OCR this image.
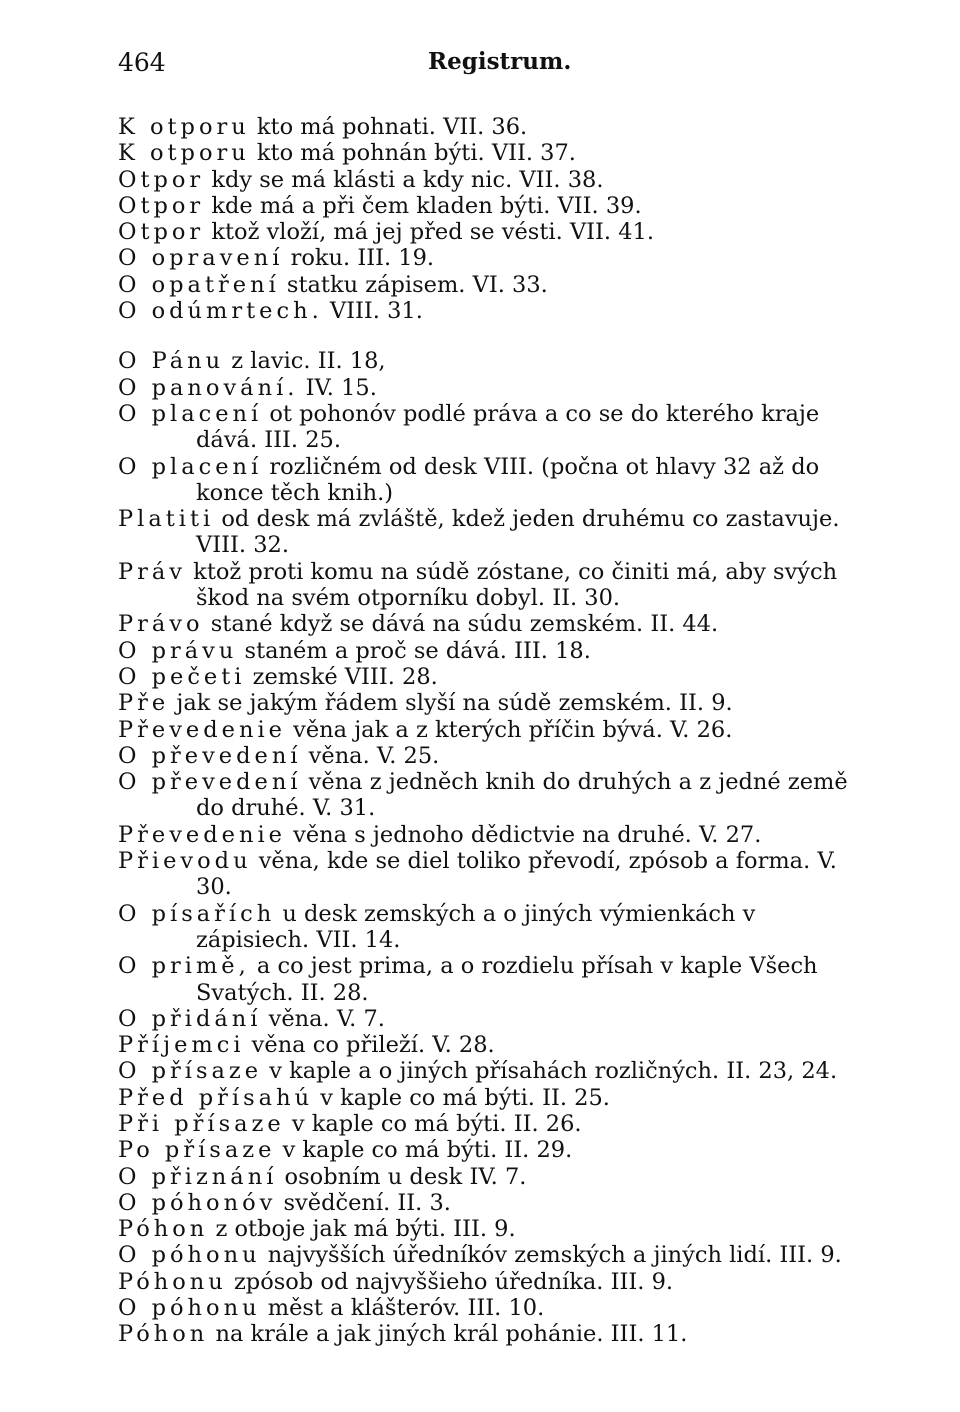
464	Registrum.
K otporu kto má pohnati. VII. 36.
K otporu kto má pohnán býti. VII. 37.
Otpor kdy se má klásti a kdy nic. VII. 38.
Otpor kde má a při čem kladen býti. VII. 39.
Otpor ktož vloží, má jej před se vésti. VII. 41.
O opravení roku. III. 19.
O opatření statku zápisem. VI. 33.
O odúmrtech. VIII. 31.
O Pánu z lavic. II. 18,
O panování. IV. 15.
O placení ot pohonóv podlé práva a co se do kterého kraje dává. III. 25.
O placení rozličném od desk VIII. (počna ot hlavy 32 až do konce těch knih.)
Platiti od desk má zvláště, kdež jeden druhému co zastavuje. VIII. 32.
Práv ktož proti komu na súdě zóstane, co činiti má, aby svých škod na svém otporníku dobyl. II. 30.
Právo stané když se dává na súdu zemském. II. 44.
O právu staném a proč se dává. III. 18.
O pečeti zemské VIII. 28.
Pře jak se jakým řádem slyší na súdě zemském. II. 9.
Převedenie věna jak a z kterých příčin bývá. V. 26.
O převedení věna. V. 25.
O převedení věna z jedněch knih do druhých a z jedné země do druhé. V. 31.
Převedenie věna s jednoho dědictvie na druhé. V. 27.
Přievodu věna, kde se diel toliko převodí, zpósob a forma. V. 30.
O písařích u desk zemských a o jiných výmienkách v zápisiech. VII. 14.
O primě, a co jest prima, a o rozdielu přísah v kaple Všech Svatých. II. 28.
O přidání věna. V. 7.
Příjemci věna co přileží. V. 28.
O přísaze v kaple a o jiných přísahách rozličných. II. 23, 24.
Před přísahú v kaple co má býti. II. 25.
Při přísaze v kaple co má býti. II. 26.
Po přísaze v kaple co má býti. II. 29.
O přiznání osobním u desk IV. 7.
O póhonóv svědčení. II. 3.
Póhon z otboje jak má býti. III. 9.
O póhonu najvyšších úředníkóv zemských a jiných lidí. III. 9.
Póhonu zpósob od najvyššieho úředníka. III. 9.
O póhonu měst a klášteróv. III. 10.
Póhon na krále a jak jiných král pohánie. III. 11.
